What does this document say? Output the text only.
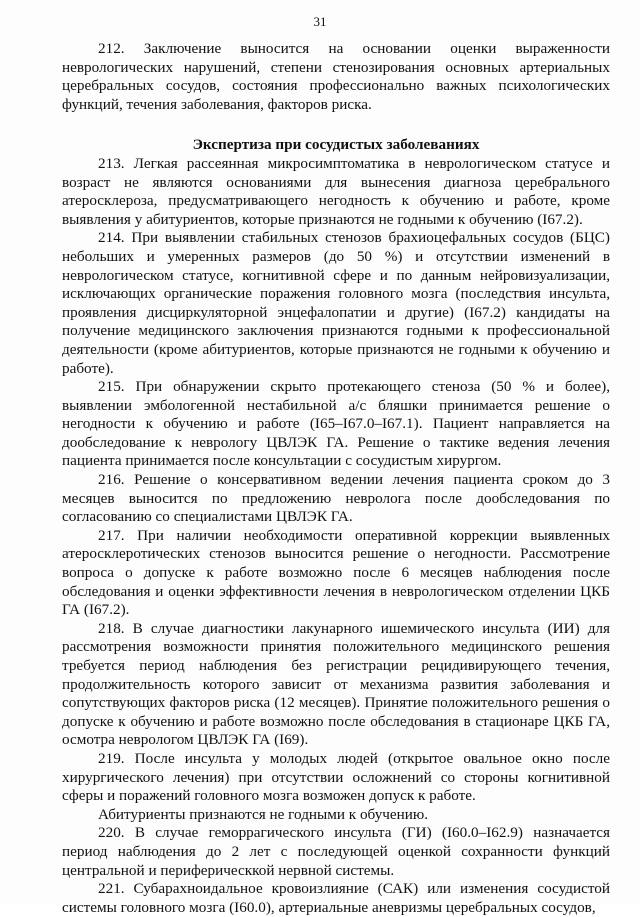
31

212. Заключение выносится на основании оценки выраженности неврологических нарушений, степени стенозирования основных артериальных церебральных сосудов, состояния профессионально важных психологических функций, течения заболевания, факторов риска.

Экспертиза при сосудистых заболеваниях

213. Легкая рассеянная микросимптоматика в неврологическом статусе и возраст не являются основаниями для вынесения диагноза церебрального атеросклероза, предусматривающего негодность к обучению и работе, кроме выявления у абитуриентов, которые признаются не годными к обучению (I67.2).

214. При выявлении стабильных стенозов брахиоцефальных сосудов (БЦС) небольших и умеренных размеров (до 50 %) и отсутствии изменений в неврологическом статусе, когнитивной сфере и по данным нейровизуализации, исключающих органические поражения головного мозга (последствия инсульта, проявления дисциркуляторной энцефалопатии и другие) (I67.2) кандидаты на получение медицинского заключения признаются годными к профессиональной деятельности (кроме абитуриентов, которые признаются не годными к обучению и работе).

215. При обнаружении скрыто протекающего стеноза (50 % и более), выявлении эмбологенной нестабильной а/с бляшки принимается решение о негодности к обучению и работе (I65–I67.0–I67.1). Пациент направляется на дообследование к неврологу ЦВЛЭК ГА. Решение о тактике ведения лечения пациента принимается после консультации с сосудистым хирургом.

216. Решение о консервативном ведении лечения пациента сроком до 3 месяцев выносится по предложению невролога после дообследования по согласованию со специалистами ЦВЛЭК ГА.

217. При наличии необходимости оперативной коррекции выявленных атеросклеротических стенозов выносится решение о негодности. Рассмотрение вопроса о допуске к работе возможно после 6 месяцев наблюдения после обследования и оценки эффективности лечения в неврологическом отделении ЦКБ ГА (I67.2).

218. В случае диагностики лакунарного ишемического инсульта (ИИ) для рассмотрения возможности принятия положительного медицинского решения требуется период наблюдения без регистрации рецидивирующего течения, продолжительность которого зависит от механизма развития заболевания и сопутствующих факторов риска (12 месяцев). Принятие положительного решения о допуске к обучению и работе возможно после обследования в стационаре ЦКБ ГА, осмотра неврологом ЦВЛЭК ГА (I69).

219. После инсульта у молодых людей (открытое овальное окно после хирургического лечения) при отсутствии осложнений со стороны когнитивной сферы и поражений головного мозга возможен допуск к работе.

Абитуриенты признаются не годными к обучению.

220. В случае геморрагического инсульта (ГИ) (I60.0–I62.9) назначается период наблюдения до 2 лет с последующей оценкой сохранности функций центральной и периферическкой нервной системы.

221. Субарахноидальное кровоизлияние (САК) или изменения сосудистой системы головного мозга (I60.0), артериальные аневризмы церебральных сосудов,
